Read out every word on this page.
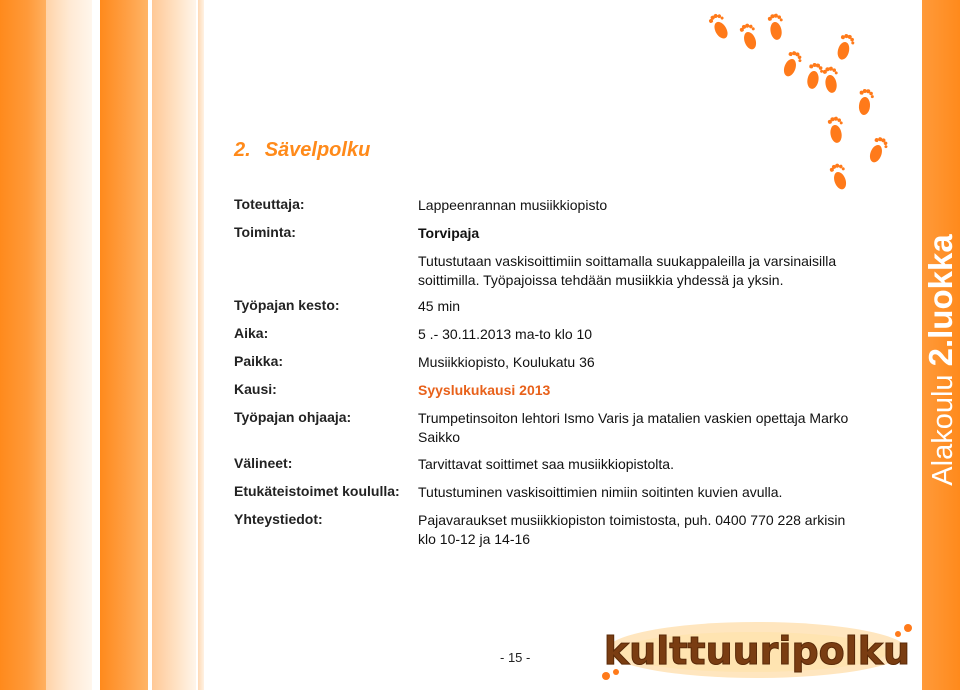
Alakoulu 2.luokka
2. Sävelpolku
Toteuttaja:
Toiminta:
Työpajan kesto:
Aika:
Paikka:
Kausi:
Työpajan ohjaaja:
Välineet:
Etukäteistoimet koululla:
Yhteystiedot:
Lappeenrannan musiikkiopisto
Torvipaja
Tutustutaan vaskisoittimiin soittamalla suukappaleilla ja varsinaisilla soittimilla. Työpajoissa tehdään musiikkia yhdessä ja yksin.
45 min
5 .- 30.11.2013 ma-to klo 10
Musiikkiopisto, Koulukatu 36
Syyslukukausi 2013
Trumpetinsoiton lehtori Ismo Varis ja matalien vaskien opettaja Marko Saikko
Tarvittavat soittimet saa musiikkiopistolta.
Tutustuminen vaskisoittimien nimiin soitinten kuvien avulla.
Pajavaraukset musiikkiopiston toimistosta, puh. 0400 770 228 arkisin klo 10-12 ja 14-16
- 15 - kulttuuripolku
